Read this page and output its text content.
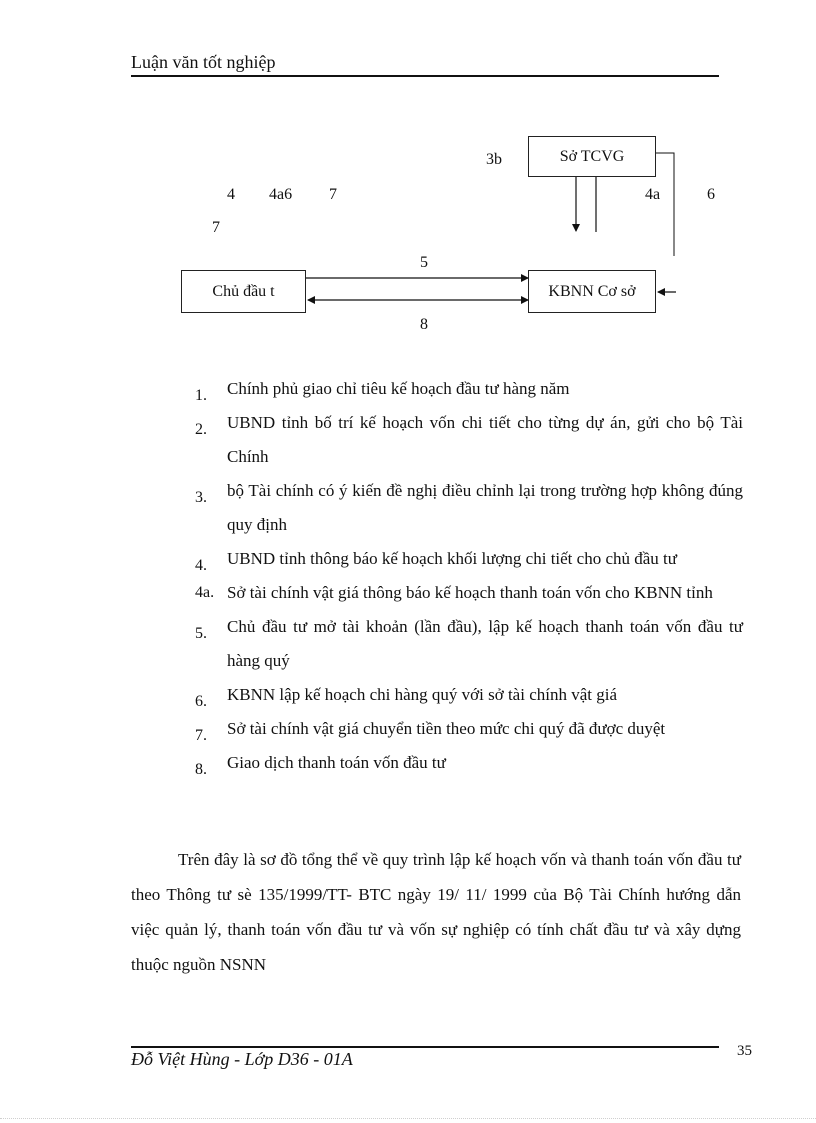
Luận văn tốt nghiệp
Sở TCVG
Chủ đầu t	KBNN Cơ sở
3b
4 4a6 7	4a	6
7
5
8
1.	Chính phủ giao chỉ tiêu kế hoạch đầu tư hàng năm
2.	UBND tỉnh bố trí kế hoạch vốn chi tiết cho từng dự án, gửi cho bộ Tài Chính
3.	bộ Tài chính có ý kiến đề nghị điều chỉnh lại trong trường hợp không đúng quy định
4.	UBND tỉnh thông báo kế hoạch khối lượng chi tiết cho chủ đầu tư
4a. Sở tài chính vật giá thông báo kế hoạch thanh toán vốn cho KBNN tỉnh
5.	Chủ đầu tư mở tài khoản (lần đầu), lập kế hoạch thanh toán vốn đầu tư hàng quý
6.	KBNN lập kế hoạch chi hàng quý với sở tài chính vật giá
7.	Sở tài chính vật giá chuyển tiền theo mức chi quý đã được duyệt
8.	Giao dịch thanh toán vốn đầu tư
Trên đây là sơ đồ tổng thể về quy trình lập kế hoạch vốn và thanh toán vốn đầu tư theo Thông tư sè 135/1999/TT- BTC ngày 19/ 11/ 1999 của Bộ Tài Chính hướng dẫn việc quản lý, thanh toán vốn đầu tư và vốn sự nghiệp có tính chất đầu tư và xây dựng thuộc nguồn NSNN
Đỗ Việt Hùng - Lớp D36 - 01A	35
